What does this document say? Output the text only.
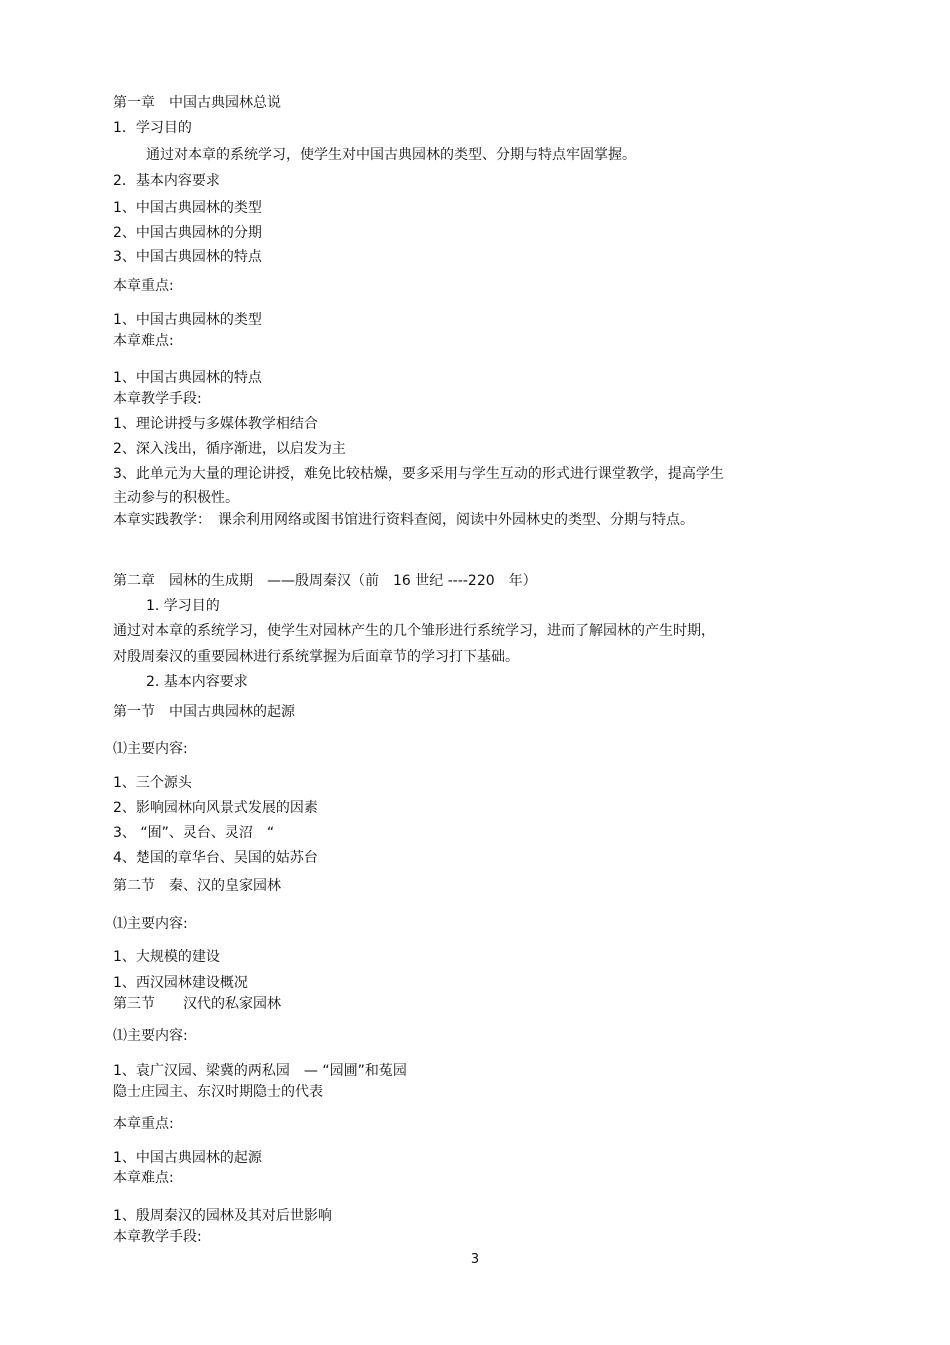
第一章　中国古典园林总说
1．学习目的
通过对本章的系统学习，使学生对中国古典园林的类型、分期与特点牢固掌握。
2．基本内容要求
1、中国古典园林的类型
2、中国古典园林的分期
3、中国古典园林的特点
本章重点:
1、中国古典园林的类型
本章难点:
1、中国古典园林的特点
本章教学手段:
1、理论讲授与多媒体教学相结合
2、深入浅出，循序渐进，以启发为主
3、此单元为大量的理论讲授，难免比较枯燥，要多采用与学生互动的形式进行课堂教学，提高学生
主动参与的积极性。
本章实践教学：　课余利用网络或图书馆进行资料查阅，阅读中外园林史的类型、分期与特点。
第二章　园林的生成期　——殷周秦汉（前　16 世纪 ----220　年）
1. 学习目的
通过对本章的系统学习，使学生对园林产生的几个雏形进行系统学习，进而了解园林的产生时期，
对殷周秦汉的重要园林进行系统掌握为后面章节的学习打下基础。
2. 基本内容要求
第一节　中国古典园林的起源
⑴主要内容:
1、三个源头
2、影响园林向风景式发展的因素
3、 “囿”、灵台、灵沼　“
4、楚国的章华台、吴国的姑苏台
第二节　秦、汉的皇家园林
⑴主要内容:
1、大规模的建设
1、西汉园林建设概况
第三节　　汉代的私家园林
⑴主要内容:
1、袁广汉园、梁冀的两私园　— “园圃”和菟园
隐士庄园主、东汉时期隐士的代表
本章重点:
1、中国古典园林的起源
本章难点:
1、殷周秦汉的园林及其对后世影响
本章教学手段:
3
